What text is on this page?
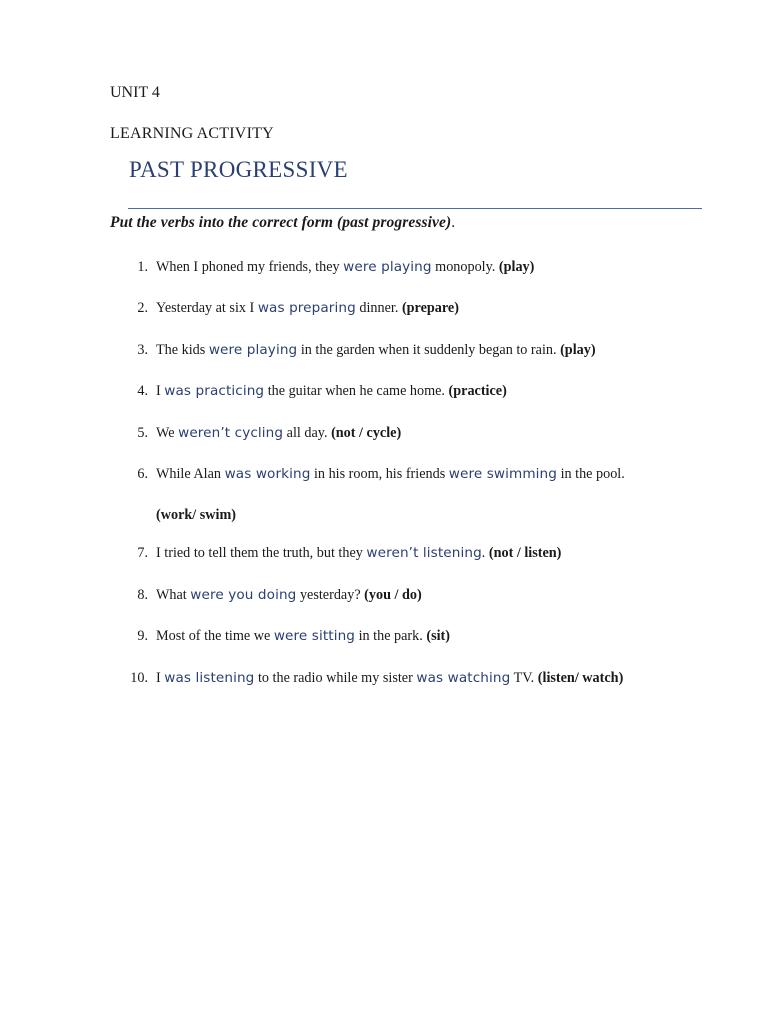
UNIT 4
LEARNING ACTIVITY
PAST PROGRESSIVE
Put the verbs into the correct form (past progressive).
1. When I phoned my friends, they were playing monopoly. (play)
2. Yesterday at six I was preparing dinner. (prepare)
3. The kids were playing in the garden when it suddenly began to rain. (play)
4. I was practicing the guitar when he came home. (practice)
5. We weren’t cycling all day. (not / cycle)
6. While Alan was working in his room, his friends were swimming in the pool.
(work/ swim)
7. I tried to tell them the truth, but they weren’t listening. (not / listen)
8. What were you doing yesterday? (you / do)
9. Most of the time we were sitting in the park. (sit)
10. I was listening to the radio while my sister was watching TV. (listen/ watch)
